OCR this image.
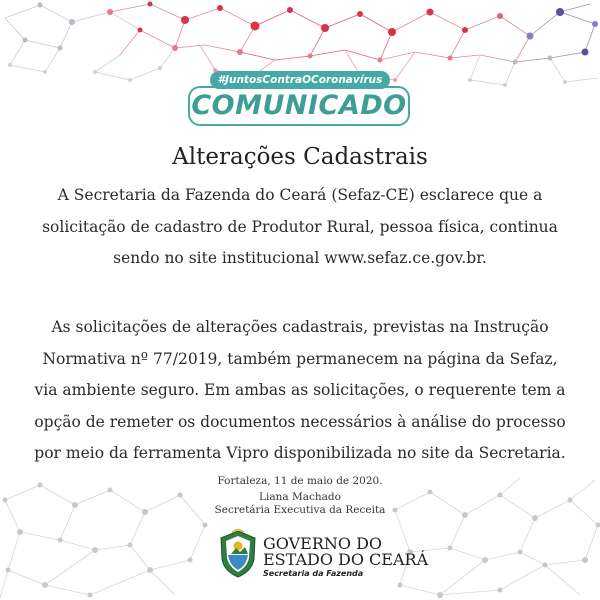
COMUNICADO
#JuntosContraOCoronavírus
Alterações Cadastrais
A Secretaria da Fazenda do Ceará (Sefaz-CE) esclarece que a
solicitação de cadastro de Produtor Rural, pessoa física, continua
sendo no site institucional www.sefaz.ce.gov.br.
As solicitações de alterações cadastrais, previstas na Instrução
Normativa nº 77/2019, também permanecem na página da Sefaz,
via ambiente seguro. Em ambas as solicitações, o requerente tem a
opção de remeter os documentos necessários à análise do processo
por meio da ferramenta Vipro disponibilizada no site da Secretaria.
Fortaleza, 11 de maio de 2020.
Liana Machado
Secretária Executiva da Receita
GOVERNO DO
ESTADO DO CEARÁ
Secretaria da Fazenda
